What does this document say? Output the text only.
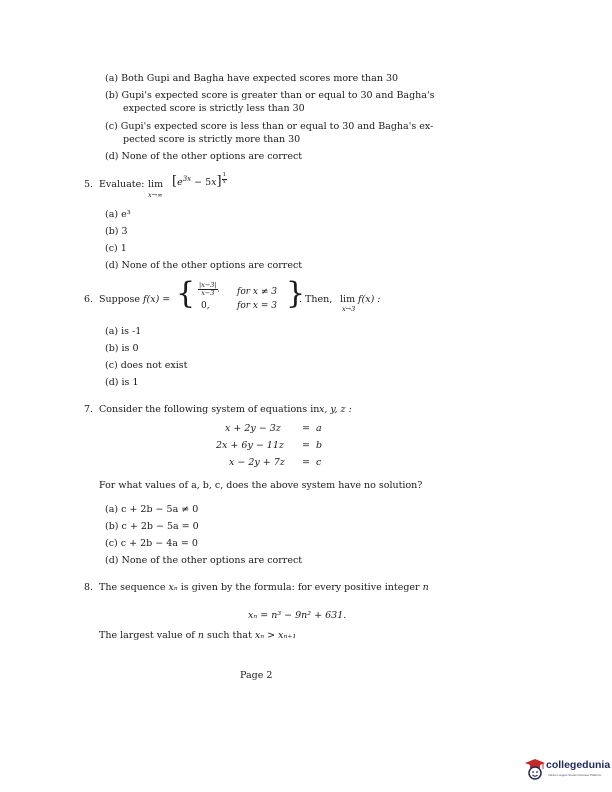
(a) Both Gupi and Bagha have expected scores more than 30
(b) Gupi's expected score is greater than or equal to 30 and Bagha's
expected score is strictly less than 30
(c) Gupi's expected score is less than or equal to 30 and Bagha's ex-
pected score is strictly more than 30
(d) None of the other options are correct
5. Evaluate: lim
x→∞
$[e^{3x} - 5x]$ $^{\frac{1}{x}}$
(a) e³
(b) 3
(c) 1
(d) None of the other options are correct
6. Suppose f(x) = { $\frac{|x-3|}{x-3}$ , for x ≠ 3
0,	for x = 3 }
. Then, lim
x→3
f(x) :
(a) is -1
(b) is 0
(c) does not exist
(d) is 1
7. Consider the following system of equations in x, y, z :
x + 2y − 3z = a
2x + 6y − 11z = b
x − 2y + 7z = c
For what values of a, b, c, does the above system have no solution?
(a) c + 2b − 5a ≠ 0
(b) c + 2b − 5a = 0
(c) c + 2b − 4a = 0
(d) None of the other options are correct
8. The sequence xₙ is given by the formula: for every positive integer n
xₙ = n³ − 9n² + 631.
The largest value of n such that xₙ > xₙ₊₁
Page 2
collegedunia
India's Largest Student Review Platform
